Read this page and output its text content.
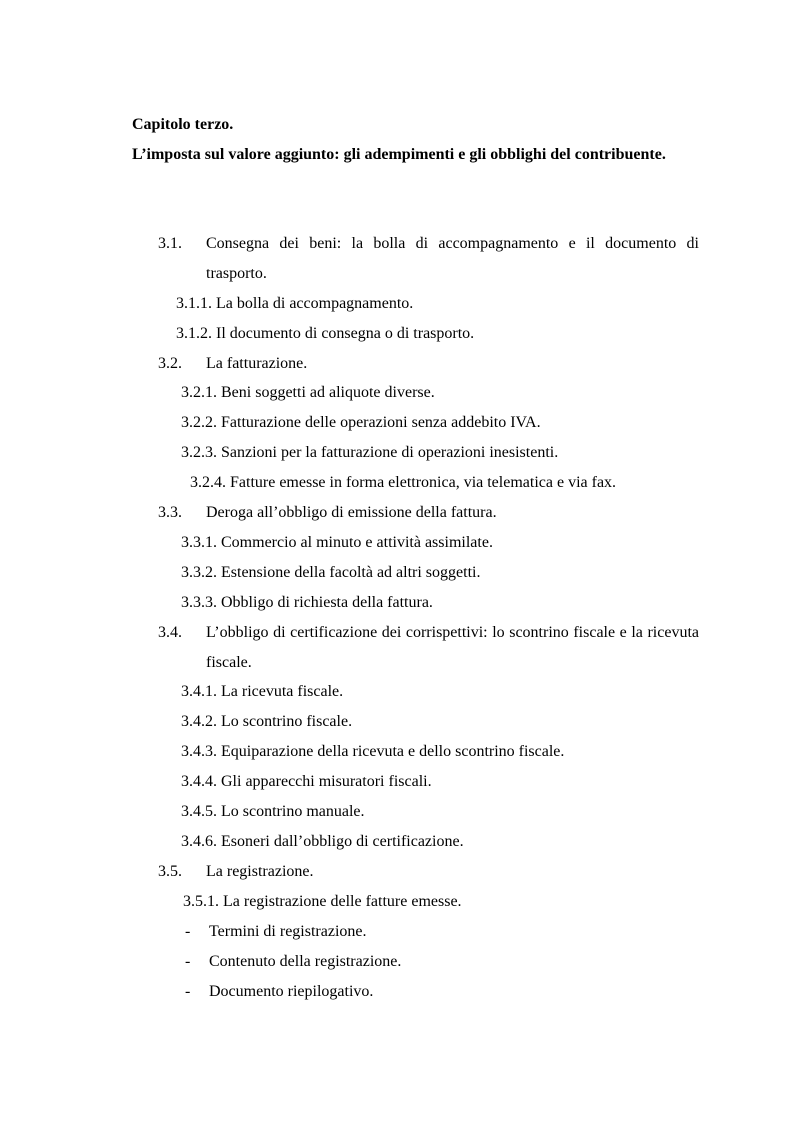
Capitolo terzo.
L’imposta sul valore aggiunto: gli adempimenti e gli obblighi del contribuente.
3.1. Consegna dei beni: la bolla di accompagnamento e il documento di trasporto.
3.1.1. La bolla di accompagnamento.
3.1.2. Il documento di consegna o di trasporto.
3.2. La fatturazione.
3.2.1. Beni soggetti ad aliquote diverse.
3.2.2. Fatturazione delle operazioni senza addebito IVA.
3.2.3. Sanzioni per la fatturazione di operazioni inesistenti.
3.2.4. Fatture emesse in forma elettronica, via telematica e via fax.
3.3. Deroga all’obbligo di emissione della fattura.
3.3.1. Commercio al minuto e attività assimilate.
3.3.2. Estensione della facoltà ad altri soggetti.
3.3.3. Obbligo di richiesta della fattura.
3.4. L’obbligo di certificazione dei corrispettivi: lo scontrino fiscale e la ricevuta fiscale.
3.4.1. La ricevuta fiscale.
3.4.2. Lo scontrino fiscale.
3.4.3. Equiparazione della ricevuta e dello scontrino fiscale.
3.4.4. Gli apparecchi misuratori fiscali.
3.4.5. Lo scontrino manuale.
3.4.6. Esoneri dall’obbligo di certificazione.
3.5. La registrazione.
3.5.1. La registrazione delle fatture emesse.
- Termini di registrazione.
- Contenuto della registrazione.
- Documento riepilogativo.
